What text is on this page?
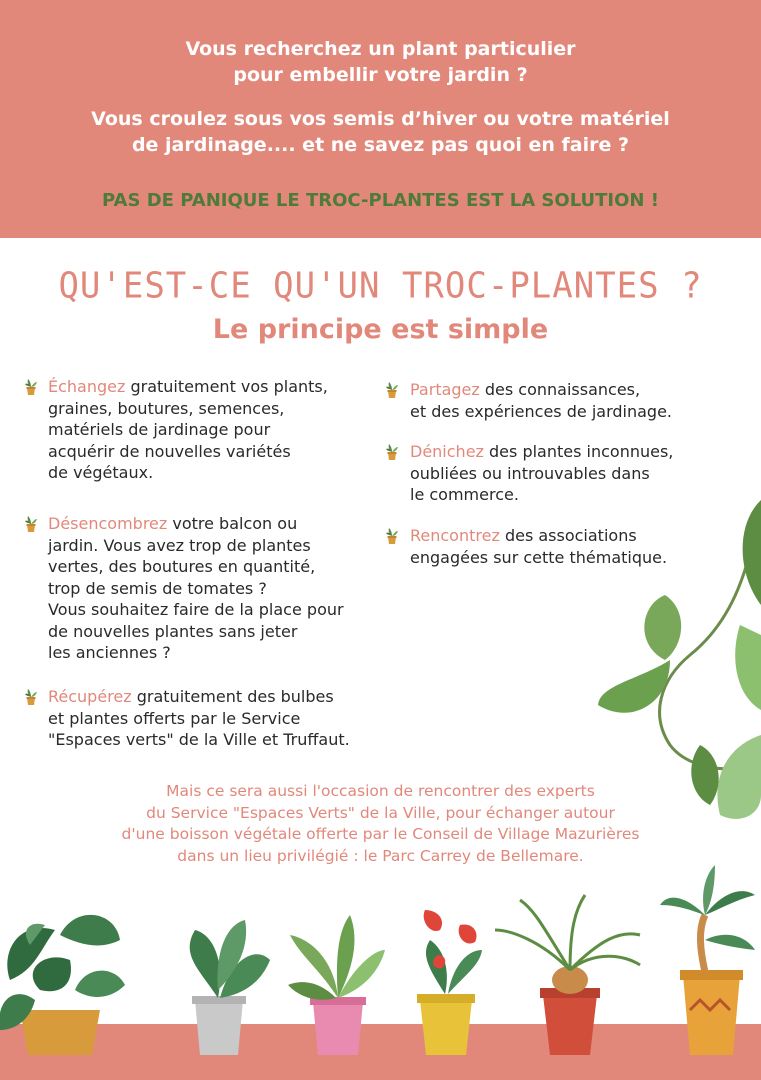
Vous recherchez un plant particulier
pour embellir votre jardin ?

Vous croulez sous vos semis d’hiver ou votre matériel
de jardinage.... et ne savez pas quoi en faire ?

PAS DE PANIQUE LE TROC-PLANTES EST LA SOLUTION !

QU'EST-CE QU'UN TROC-PLANTES ?
Le principe est simple
Échangez gratuitement vos plants,
graines, boutures, semences,
matériels de jardinage pour
acquérir de nouvelles variétés
de végétaux.
Désencombrez votre balcon ou
jardin. Vous avez trop de plantes
vertes, des boutures en quantité,
trop de semis de tomates ?
Vous souhaitez faire de la place pour
de nouvelles plantes sans jeter
les anciennes ?
Récupérez gratuitement des bulbes
et plantes offerts par le Service
"Espaces verts" de la Ville et Truffaut.
Partagez des connaissances,
et des expériences de jardinage.
Dénichez des plantes inconnues,
oubliées ou introuvables dans
le commerce.
Rencontrez des associations
engagées sur cette thématique.
Mais ce sera aussi l'occasion de rencontrer des experts
du Service "Espaces Verts" de la Ville, pour échanger autour
d'une boisson végétale offerte par le Conseil de Village Mazurières
dans un lieu privilégié : le Parc Carrey de Bellemare.
